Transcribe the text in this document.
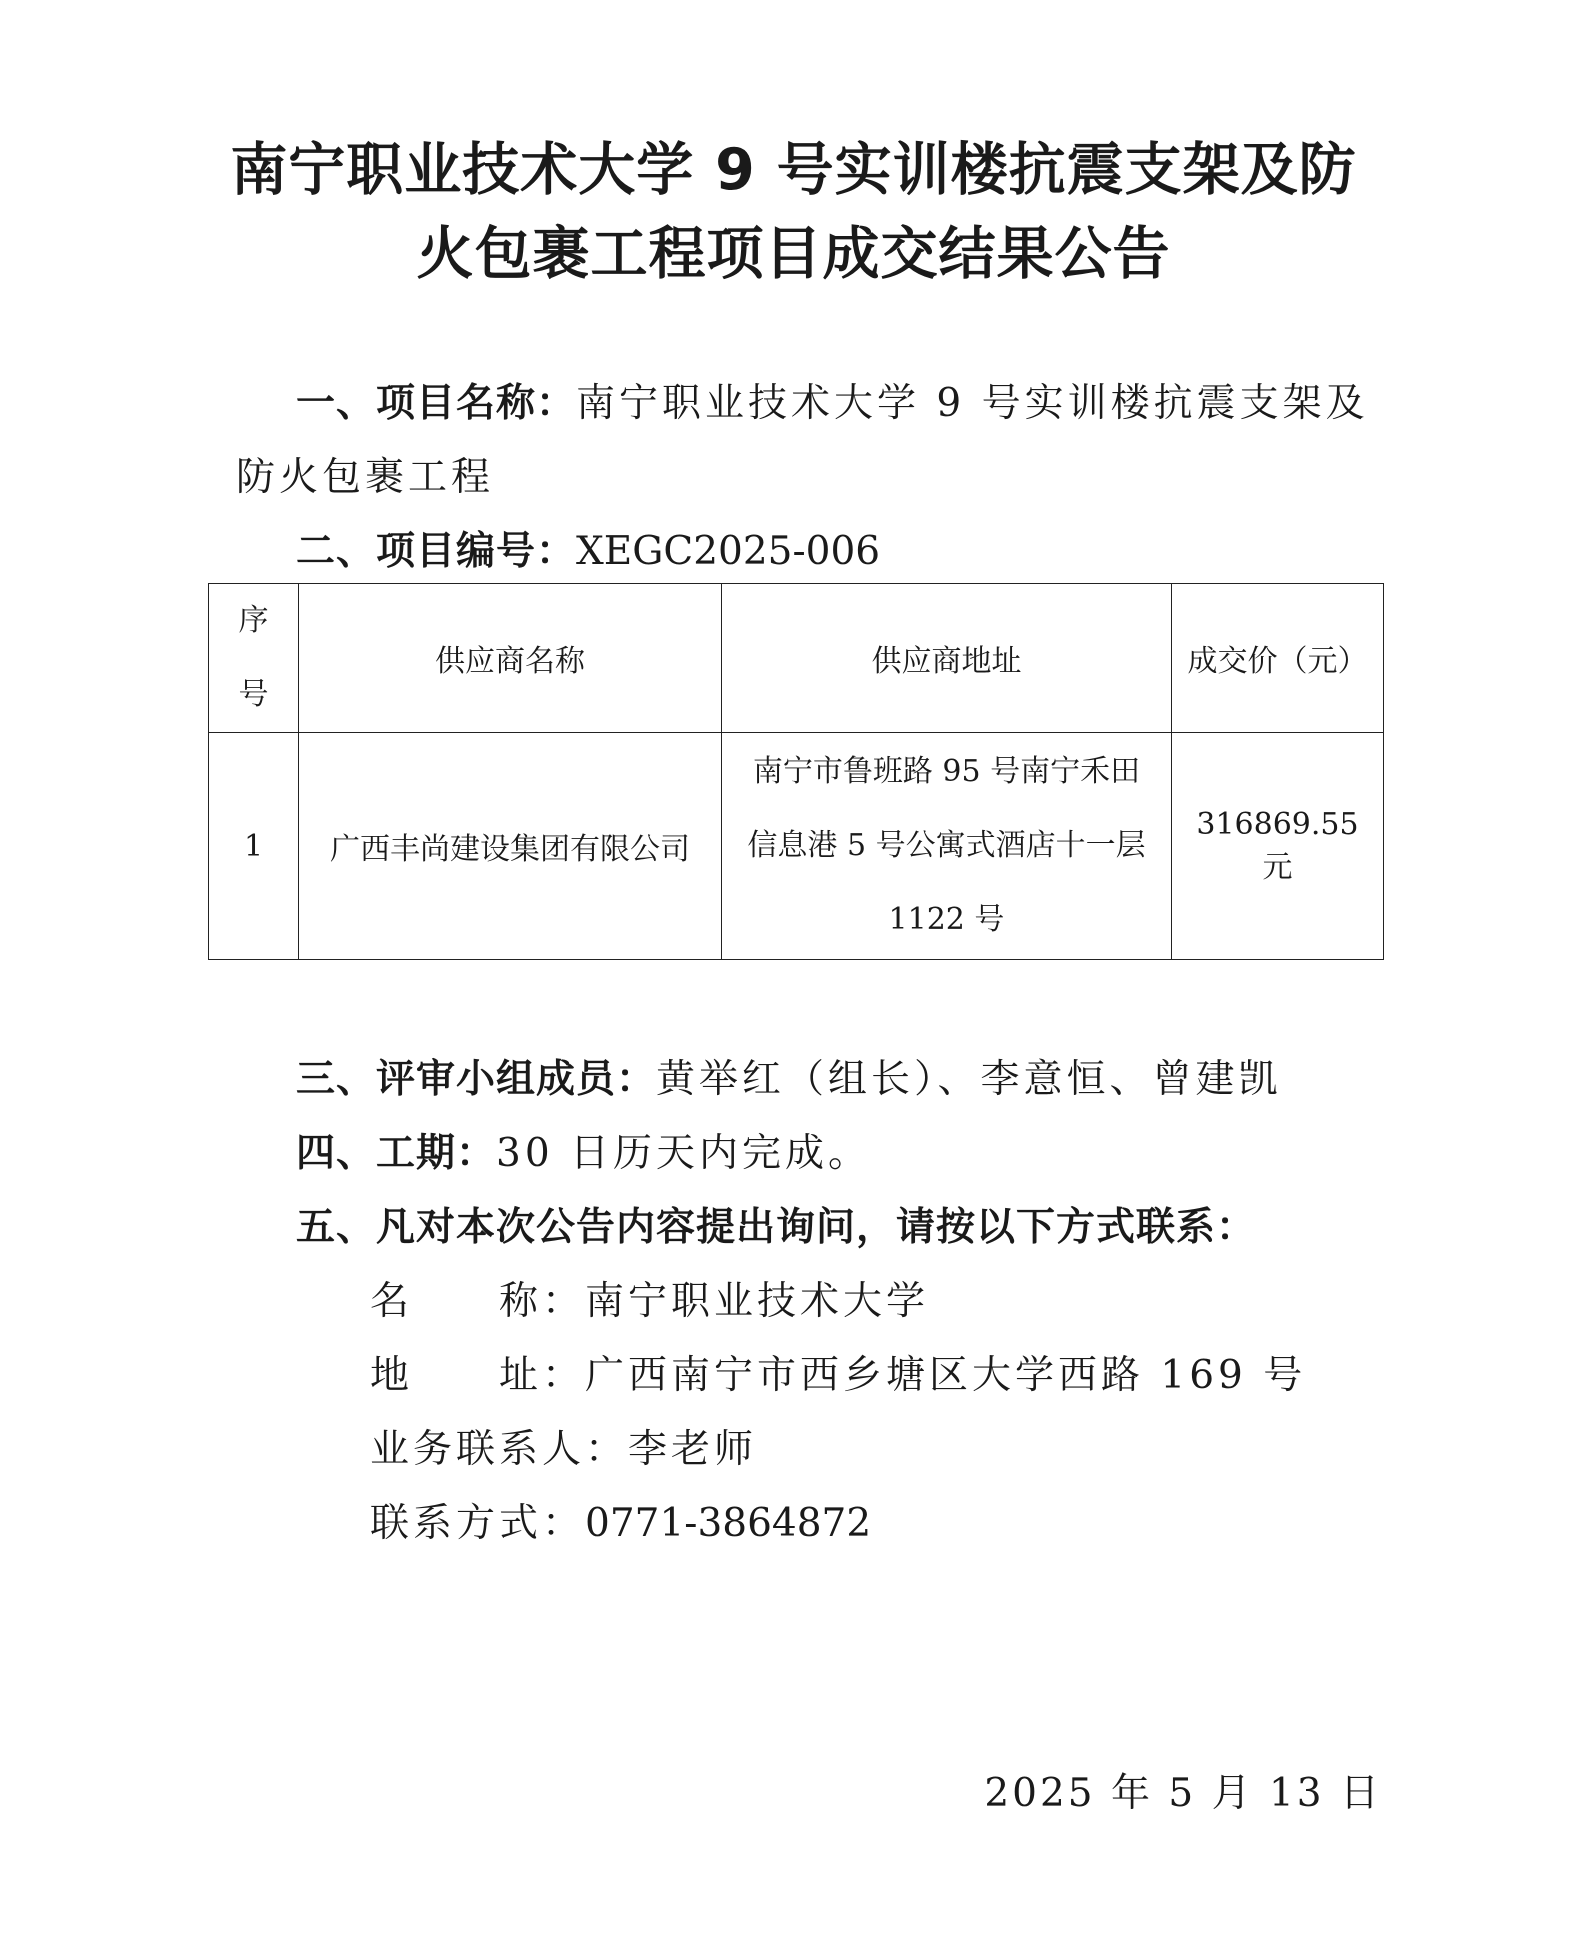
南宁职业技术大学 9 号实训楼抗震支架及防
火包裹工程项目成交结果公告
一、项目名称：南宁职业技术大学 9 号实训楼抗震支架及
防火包裹工程
二、项目编号：XEGC2025-006
序
号	供应商名称	供应商地址	成交价（元）
1	广西丰尚建设集团有限公司	南宁市鲁班路 95 号南宁禾田
信息港 5 号公寓式酒店十一层
1122 号	316869.55 元
三、评审小组成员：黄举红（组长）、李意恒、曾建凯
四、工期：30 日历天内完成。
五、凡对本次公告内容提出询问，请按以下方式联系：
名　　称：南宁职业技术大学
地　　址：广西南宁市西乡塘区大学西路 169 号
业务联系人：李老师
联系方式：0771-3864872
2025 年 5 月 13 日
